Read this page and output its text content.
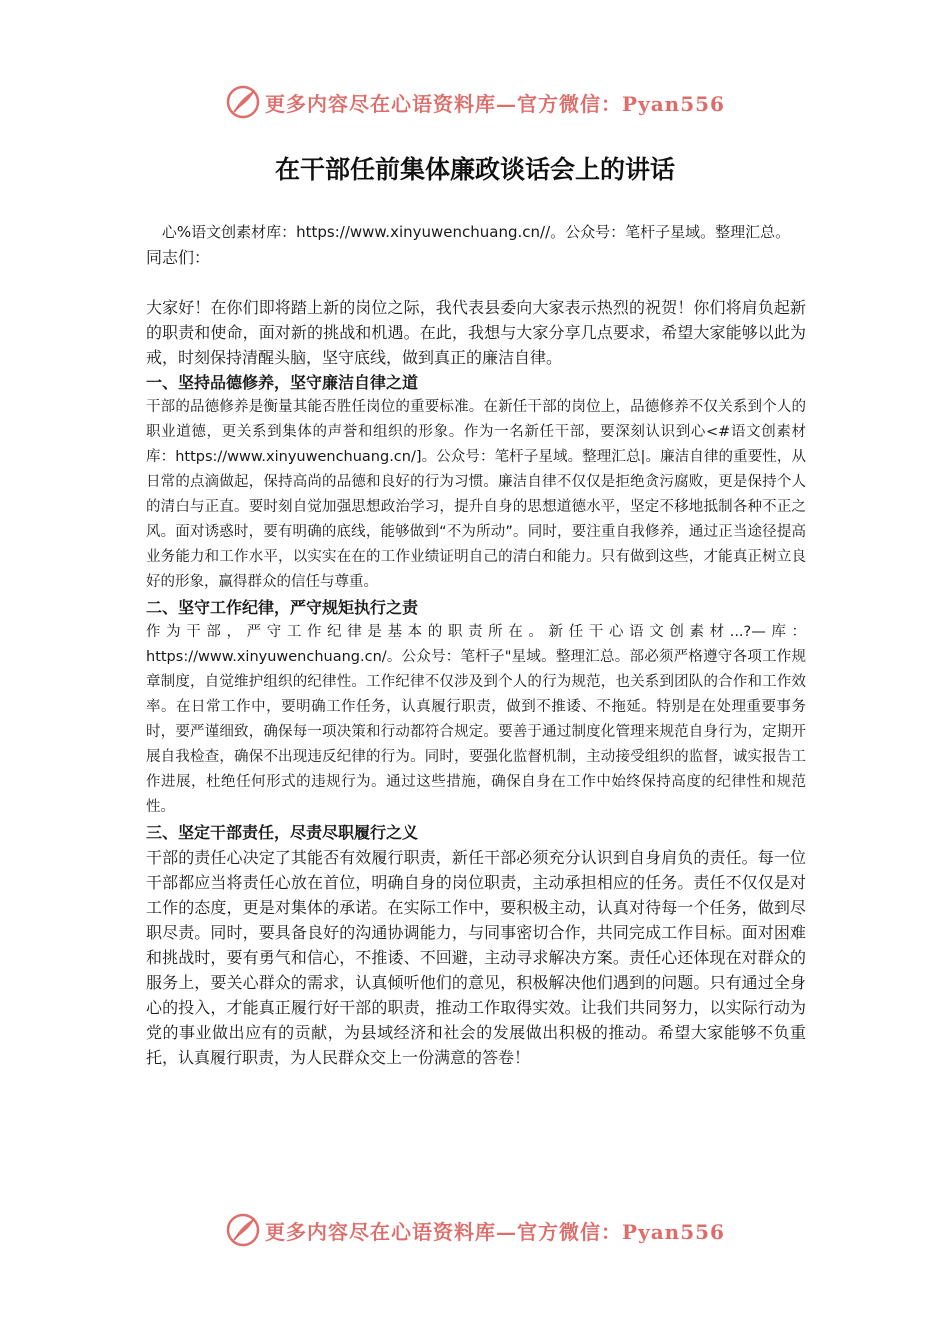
更多内容尽在心语资料库—官方微信：Pyan556
在干部任前集体廉政谈话会上的讲话

心%语文创素材库：https://www.xinyuwenchuang.cn//。公众号：笔杆子星域。整理汇总。

同志们：

大家好！在你们即将踏上新的岗位之际，我代表县委向大家表示热烈的祝贺！你们将肩负起新的职责和使命，面对新的挑战和机遇。在此，我想与大家分享几点要求，希望大家能够以此为戒，时刻保持清醒头脑，坚守底线，做到真正的廉洁自律。

一、坚持品德修养，坚守廉洁自律之道

干部的品德修养是衡量其能否胜任岗位的重要标准。在新任干部的岗位上，品德修养不仅关系到个人的职业道德，更关系到集体的声誉和组织的形象。作为一名新任干部，要深刻认识到心<#语文创素材库：https://www.xinyuwenchuang.cn/]。公众号：笔杆子星域。整理汇总|。廉洁自律的重要性，从日常的点滴做起，保持高尚的品德和良好的行为习惯。廉洁自律不仅仅是拒绝贪污腐败，更是保持个人的清白与正直。要时刻自觉加强思想政治学习，提升自身的思想道德水平，坚定不移地抵制各种不正之风。面对诱惑时，要有明确的底线，能够做到“不为所动”。同时，要注重自我修养，通过正当途径提高业务能力和工作水平，以实实在在的工作业绩证明自己的清白和能力。只有做到这些，才能真正树立良好的形象，赢得群众的信任与尊重。

二、坚守工作纪律，严守规矩执行之责

作为干部，严守工作纪律是基本的职责所在。新任干心语文创素材...?—库：https://www.xinyuwenchuang.cn/。公众号：笔杆子"星域。整理汇总。部必须严格遵守各项工作规章制度，自觉维护组织的纪律性。工作纪律不仅涉及到个人的行为规范，也关系到团队的合作和工作效率。在日常工作中，要明确工作任务，认真履行职责，做到不推诿、不拖延。特别是在处理重要事务时，要严谨细致，确保每一项决策和行动都符合规定。要善于通过制度化管理来规范自身行为，定期开展自我检查，确保不出现违反纪律的行为。同时，要强化监督机制，主动接受组织的监督，诚实报告工作进展，杜绝任何形式的违规行为。通过这些措施，确保自身在工作中始终保持高度的纪律性和规范性。

三、坚定干部责任，尽责尽职履行之义

干部的责任心决定了其能否有效履行职责，新任干部必须充分认识到自身肩负的责任。每一位干部都应当将责任心放在首位，明确自身的岗位职责，主动承担相应的任务。责任不仅仅是对工作的态度，更是对集体的承诺。在实际工作中，要积极主动，认真对待每一个任务，做到尽职尽责。同时，要具备良好的沟通协调能力，与同事密切合作，共同完成工作目标。面对困难和挑战时，要有勇气和信心，不推诿、不回避，主动寻求解决方案。责任心还体现在对群众的服务上，要关心群众的需求，认真倾听他们的意见，积极解决他们遇到的问题。只有通过全身心的投入，才能真正履行好干部的职责，推动工作取得实效。让我们共同努力，以实际行动为党的事业做出应有的贡献，为县域经济和社会的发展做出积极的推动。希望大家能够不负重托，认真履行职责，为人民群众交上一份满意的答卷！

更多内容尽在心语资料库—官方微信：Pyan556
